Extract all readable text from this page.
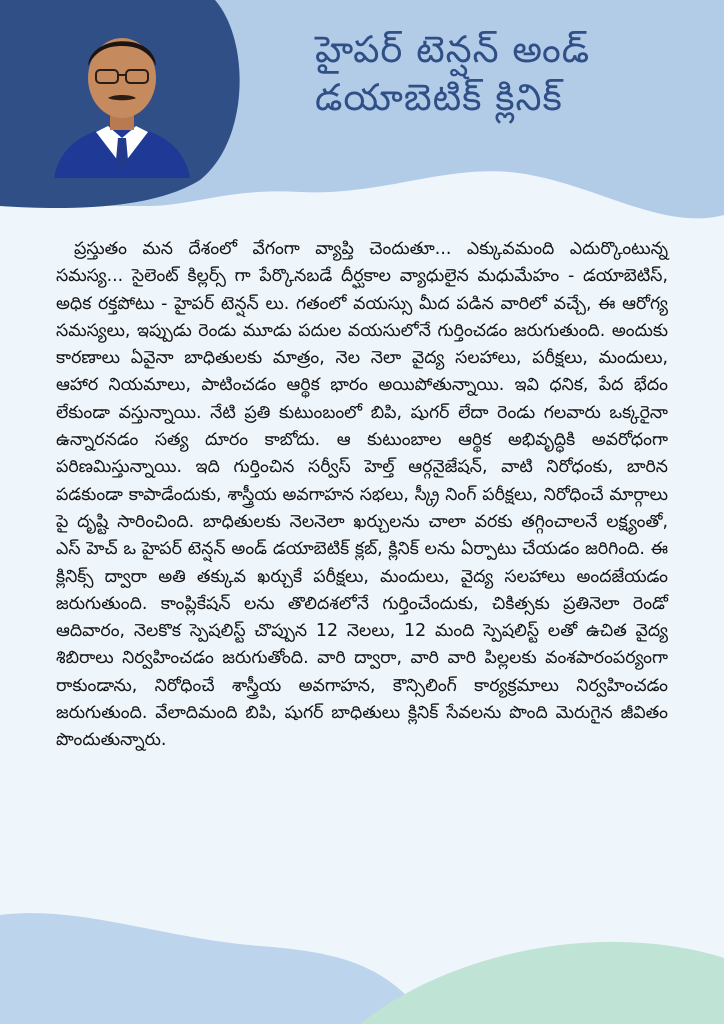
హైపర్ టెన్షన్ అండ్
డయాబెటిక్ క్లినిక్

ప్రస్తుతం మన దేశంలో వేగంగా వ్యాప్తి చెందుతూ... ఎక్కువమంది ఎదుర్కొంటున్న సమస్య... సైలెంట్ కిల్లర్స్ గా పేర్కొనబడే దీర్ఘకాల వ్యాధులైన మధుమేహం - డయాబెటిస్, అధిక రక్తపోటు - హైపర్ టెన్షన్ లు. గతంలో వయస్సు మీద పడిన వారిలో వచ్చే, ఈ ఆరోగ్య సమస్యలు, ఇప్పుడు రెండు మూడు పదుల వయసులోనే గుర్తించడం జరుగుతుంది. అందుకు కారణాలు ఏవైనా బాధితులకు మాత్రం, నెల నెలా వైద్య సలహాలు, పరీక్షలు, మందులు, ఆహార నియమాలు, పాటించడం ఆర్థిక భారం అయిపోతున్నాయి. ఇవి ధనిక, పేద భేదం లేకుండా వస్తున్నాయి. నేటి ప్రతి కుటుంబంలో బిపి, షుగర్ లేదా రెండు గలవారు ఒక్కరైనా ఉన్నారనడం సత్య దూరం కాబోదు. ఆ కుటుంబాల ఆర్థిక అభివృద్ధికి అవరోధంగా పరిణమిస్తున్నాయి. ఇది గుర్తించిన సర్వీస్ హెల్త్ ఆర్గనైజేషన్, వాటి నిరోధంకు, బారిన పడకుండా కాపాడేందుకు, శాస్త్రీయ అవగాహన సభలు, స్క్రీ నింగ్ పరీక్షలు, నిరోధించే మార్గాలు పై దృష్టి సారించింది. బాధితులకు నెలనెలా ఖర్చులను చాలా వరకు తగ్గించాలనే లక్ష్యంతో, ఎస్ హెచ్ ఒ హైపర్ టెన్షన్ అండ్ డయాబెటిక్ క్లబ్, క్లినిక్ లను ఏర్పాటు చేయడం జరిగింది. ఈ క్లినిక్స్ ద్వారా అతి తక్కువ ఖర్చుకే పరీక్షలు, మందులు, వైద్య సలహాలు అందజేయడం జరుగుతుంది. కాంప్లికేషన్ లను తొలిదశలోనే గుర్తించేందుకు, చికిత్సకు ప్రతినెలా రెండో ఆదివారం, నెలకొక స్పెషలిస్ట్ చొప్పున 12 నెలలు, 12 మంది స్పెషలిస్ట్ లతో ఉచిత వైద్య శిబిరాలు నిర్వహించడం జరుగుతోంది. వారి ద్వారా, వారి వారి పిల్లలకు వంశపారంపర్యంగా రాకుండాను, నిరోధించే శాస్త్రీయ అవగాహన, కౌన్సిలింగ్ కార్యక్రమాలు నిర్వహించడం జరుగుతుంది. వేలాదిమంది బిపి, షుగర్ బాధితులు క్లినిక్ సేవలను పొంది మెరుగైన జీవితం పొందుతున్నారు.
